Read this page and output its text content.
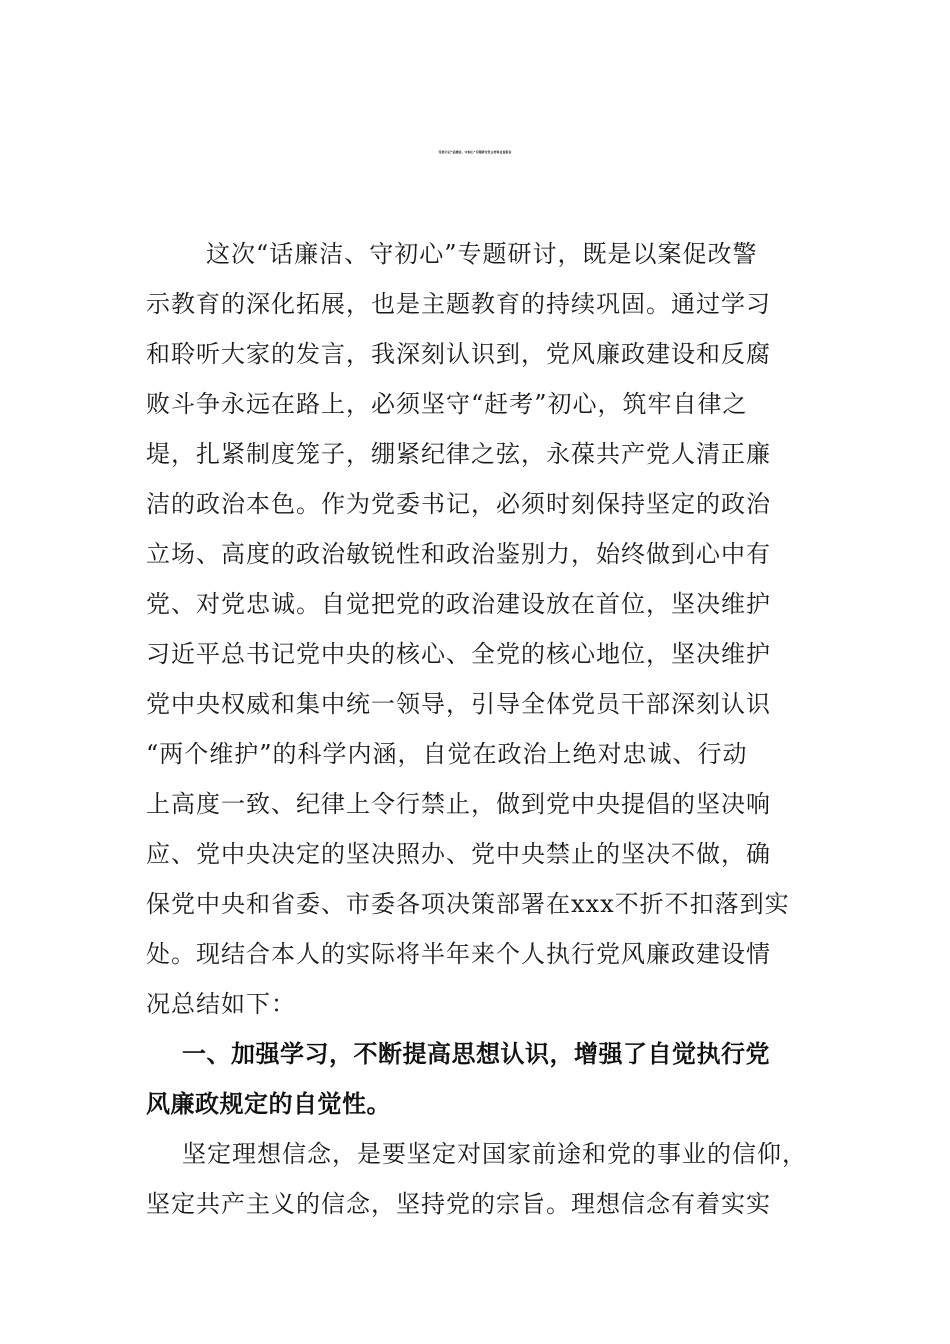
党委书记“话廉洁、守初心”专题研讨发言材料自查报告
这次“话廉洁、守初心”专题研讨，既是以案促改警
示教育的深化拓展，也是主题教育的持续巩固。通过学习
和聆听大家的发言，我深刻认识到，党风廉政建设和反腐
败斗争永远在路上，必须坚守“赶考”初心，筑牢自律之
堤，扎紧制度笼子，绷紧纪律之弦，永葆共产党人清正廉
洁的政治本色。作为党委书记，必须时刻保持坚定的政治
立场、高度的政治敏锐性和政治鉴别力，始终做到心中有
党、对党忠诚。自觉把党的政治建设放在首位，坚决维护
习近平总书记党中央的核心、全党的核心地位，坚决维护
党中央权威和集中统一领导，引导全体党员干部深刻认识
“两个维护”的科学内涵，自觉在政治上绝对忠诚、行动
上高度一致、纪律上令行禁止，做到党中央提倡的坚决响
应、党中央决定的坚决照办、党中央禁止的坚决不做，确
保党中央和省委、市委各项决策部署在xxx不折不扣落到实
处。现结合本人的实际将半年来个人执行党风廉政建设情
况总结如下：
一、加强学习，不断提高思想认识，增强了自觉执行党
风廉政规定的自觉性。
坚定理想信念，是要坚定对国家前途和党的事业的信仰，
坚定共产主义的信念，坚持党的宗旨。理想信念有着实实
